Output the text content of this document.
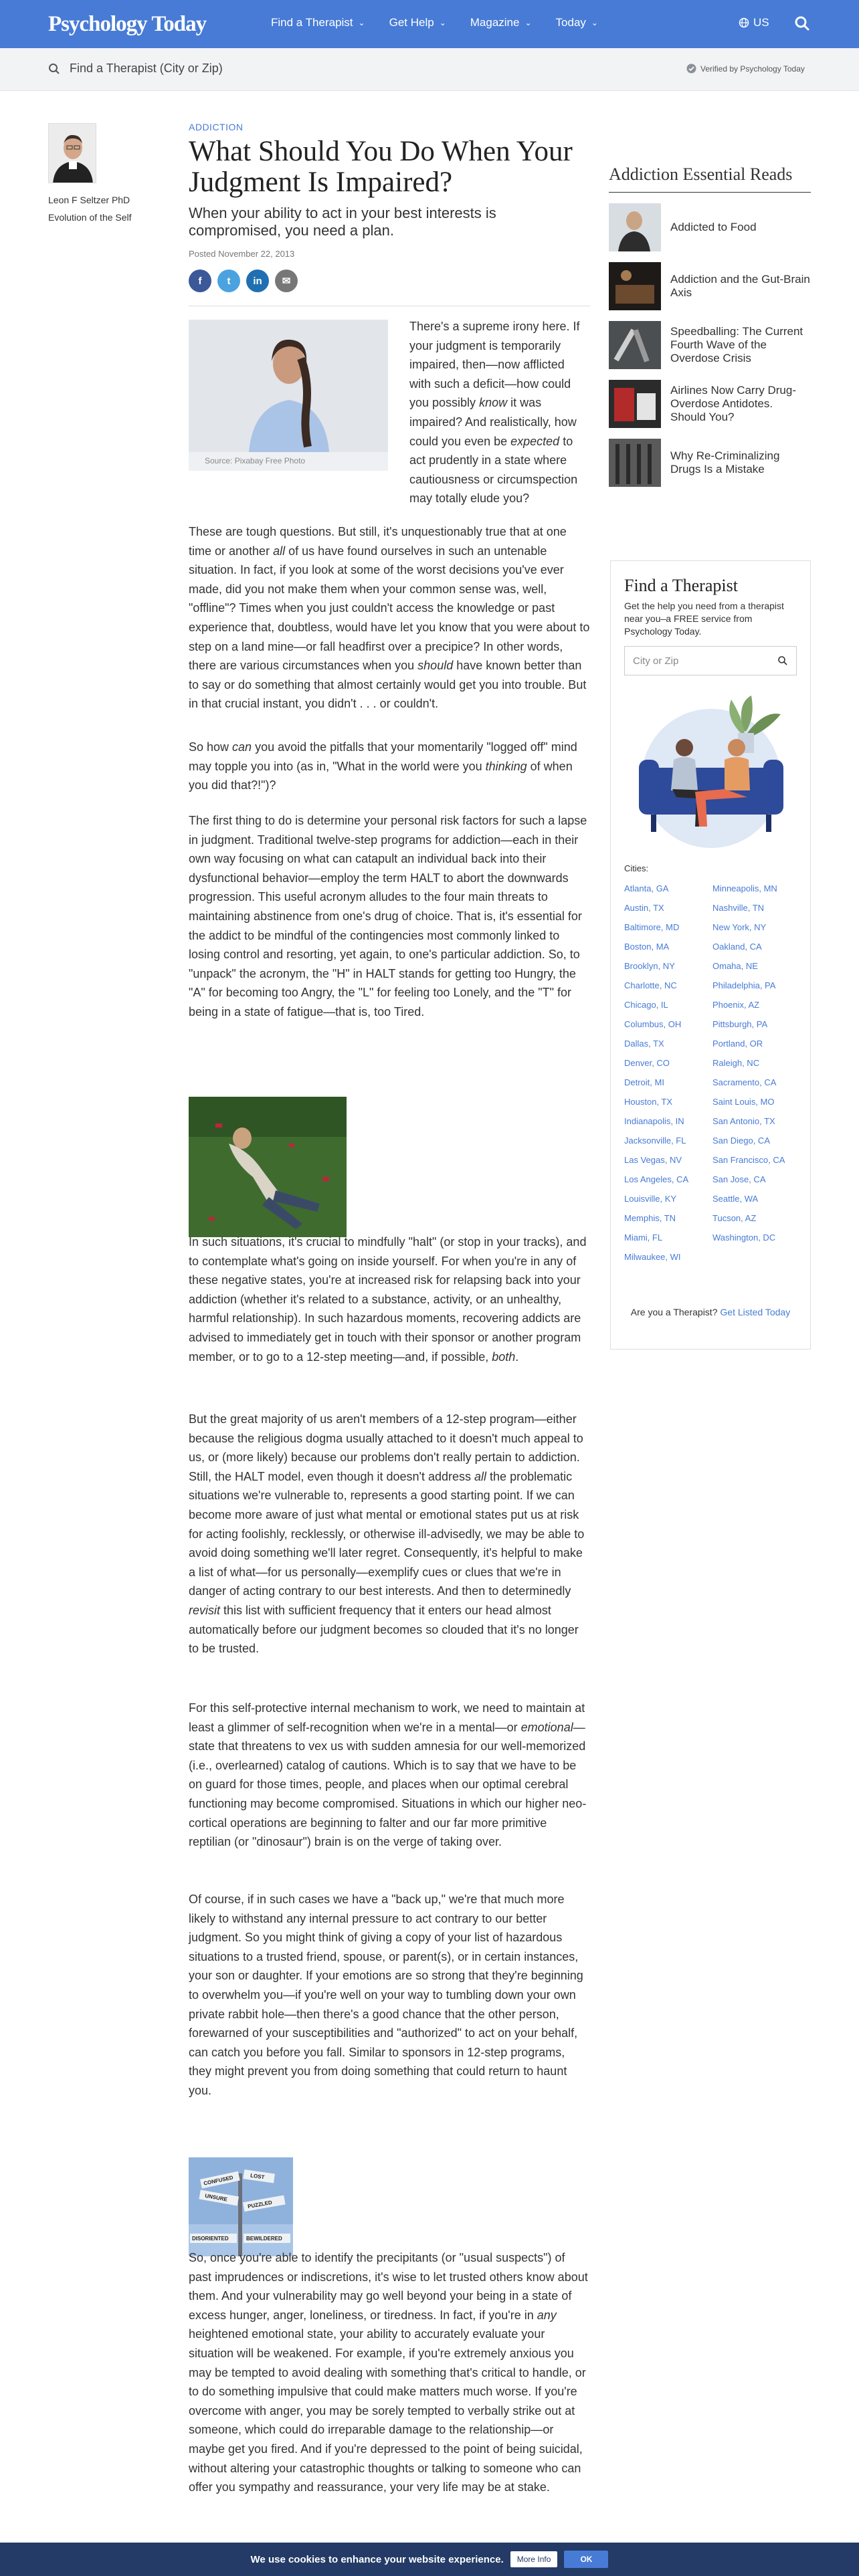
Psychology Today	Find a Therapist ⌄ Get Help ⌄ Magazine ⌄ Today ⌄	US
Find a Therapist (City or Zip)	Verified by Psychology Today
Leon F Seltzer PhD
Evolution of the Self
ADDICTION
What Should You Do When Your Judgment Is Impaired?
When your ability to act in your best interests is compromised, you need a plan.
Posted November 22, 2013
f	t	in	✉
Source: Pixabay Free Photo
There's a supreme irony here. If your judgment is temporarily impaired, then—now afflicted with such a deficit—how could you possibly know it was impaired? And realistically, how could you even be expected to act prudently in a state where cautiousness or circumspection may totally elude you?
These are tough questions. But still, it's unquestionably true that at one time or another all of us have found ourselves in such an untenable situation. In fact, if you look at some of the worst decisions you've ever made, did you not make them when your common sense was, well, "offline"? Times when you just couldn't access the knowledge or past experience that, doubtless, would have let you know that you were about to step on a land mine—or fall headfirst over a precipice? In other words, there are various circumstances when you should have known better than to say or do something that almost certainly would get you into trouble. But in that crucial instant, you didn't . . . or couldn't.
So how can you avoid the pitfalls that your momentarily "logged off" mind may topple you into (as in, "What in the world were you thinking of when you did that?!")?
The first thing to do is determine your personal risk factors for such a lapse in judgment. Traditional twelve-step programs for addiction—each in their own way focusing on what can catapult an individual back into their dysfunctional behavior—employ the term HALT to abort the downwards progression. This useful acronym alludes to the four main threats to maintaining abstinence from one's drug of choice. That is, it's essential for the addict to be mindful of the contingencies most commonly linked to losing control and resorting, yet again, to one's particular addiction. So, to "unpack" the acronym, the "H" in HALT stands for getting too Hungry, the "A" for becoming too Angry, the "L" for feeling too Lonely, and the "T" for being in a state of fatigue—that is, too Tired.
In such situations, it's crucial to mindfully "halt" (or stop in your tracks), and to contemplate what's going on inside yourself. For when you're in any of these negative states, you're at increased risk for relapsing back into your addiction (whether it's related to a substance, activity, or an unhealthy, harmful relationship). In such hazardous moments, recovering addicts are advised to immediately get in touch with their sponsor or another program member, or to go to a 12-step meeting—and, if possible, both.
But the great majority of us aren't members of a 12-step program—either because the religious dogma usually attached to it doesn't much appeal to us, or (more likely) because our problems don't really pertain to addiction. Still, the HALT model, even though it doesn't address all the problematic situations we're vulnerable to, represents a good starting point. If we can become more aware of just what mental or emotional states put us at risk for acting foolishly, recklessly, or otherwise ill-advisedly, we may be able to avoid doing something we'll later regret. Consequently, it's helpful to make a list of what—for us personally—exemplify cues or clues that we're in danger of acting contrary to our best interests. And then to determinedly revisit this list with sufficient frequency that it enters our head almost automatically before our judgment becomes so clouded that it's no longer to be trusted.
For this self-protective internal mechanism to work, we need to maintain at least a glimmer of self-recognition when we're in a mental—or emotional—state that threatens to vex us with sudden amnesia for our well-memorized (i.e., overlearned) catalog of cautions. Which is to say that we have to be on guard for those times, people, and places when our optimal cerebral functioning may become compromised. Situations in which our higher neo-cortical operations are beginning to falter and our far more primitive reptilian (or "dinosaur") brain is on the verge of taking over.
Of course, if in such cases we have a "back up," we're that much more likely to withstand any internal pressure to act contrary to our better judgment. So you might think of giving a copy of your list of hazardous situations to a trusted friend, spouse, or parent(s), or in certain instances, your son or daughter. If your emotions are so strong that they're beginning to overwhelm you—if you're well on your way to tumbling down your own private rabbit hole—then there's a good chance that the other person, forewarned of your susceptibilities and "authorized" to act on your behalf, can catch you before you fall. Similar to sponsors in 12-step programs, they might prevent you from doing something that could return to haunt you.
CONFUSED	LOST
UNSURE
PUZZLED
DISORIENTED	BEWILDERED
So, once you're able to identify the precipitants (or "usual suspects") of past imprudences or indiscretions, it's wise to let trusted others know about them. And your vulnerability may go well beyond your being in a state of excess hunger, anger, loneliness, or tiredness. In fact, if you're in any heightened emotional state, your ability to accurately evaluate your situation will be weakened. For example, if you're extremely anxious you may be tempted to avoid dealing with something that's critical to handle, or to do something impulsive that could make matters much worse. If you're overcome with anger, you may be sorely tempted to verbally strike out at someone, which could do irreparable damage to the relationship—or maybe get you fired. And if you're depressed to the point of being suicidal, without altering your catastrophic thoughts or talking to someone who can offer you sympathy and reassurance, your very life may be at stake.
Addiction Essential Reads
Addicted to Food
Addiction and the Gut-Brain Axis
Speedballing: The Current Fourth Wave of the Overdose Crisis
Airlines Now Carry Drug-Overdose Antidotes. Should You?
Why Re-Criminalizing Drugs Is a Mistake
Find a Therapist
Get the help you need from a therapist near you–a FREE service from Psychology Today.
City or Zip
Cities:
Atlanta, GA	Minneapolis, MN
Austin, TX	Nashville, TN
Baltimore, MD	New York, NY
Boston, MA	Oakland, CA
Brooklyn, NY	Omaha, NE
Charlotte, NC	Philadelphia, PA
Chicago, IL	Phoenix, AZ
Columbus, OH	Pittsburgh, PA
Dallas, TX	Portland, OR
Denver, CO	Raleigh, NC
Detroit, MI	Sacramento, CA
Houston, TX	Saint Louis, MO
Indianapolis, IN	San Antonio, TX
Jacksonville, FL	San Diego, CA
Las Vegas, NV	San Francisco, CA
Los Angeles, CA	San Jose, CA
Louisville, KY	Seattle, WA
Memphis, TN	Tucson, AZ
Miami, FL	Washington, DC
Milwaukee, WI
Are you a Therapist? Get Listed Today
We use cookies to enhance your website experience.	More Info	OK
